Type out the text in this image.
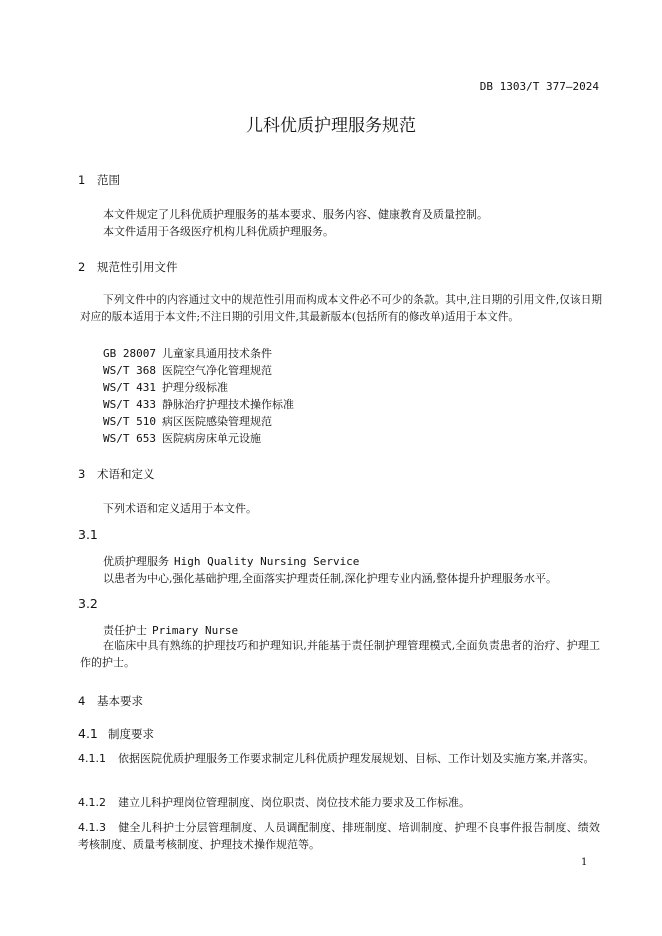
DB 1303/T 377—2024
儿科优质护理服务规范
1 范围
本文件规定了儿科优质护理服务的基本要求、服务内容、健康教育及质量控制。
本文件适用于各级医疗机构儿科优质护理服务。
2 规范性引用文件
下列文件中的内容通过文中的规范性引用而构成本文件必不可少的条款。其中,注日期的引用文件,仅该日期对应的版本适用于本文件;不注日期的引用文件,其最新版本(包括所有的修改单)适用于本文件。
GB 28007 儿童家具通用技术条件
WS/T 368 医院空气净化管理规范
WS/T 431 护理分级标准
WS/T 433 静脉治疗护理技术操作标准
WS/T 510 病区医院感染管理规范
WS/T 653 医院病房床单元设施
3 术语和定义
下列术语和定义适用于本文件。
3.1
优质护理服务 High Quality Nursing Service
以患者为中心,强化基础护理,全面落实护理责任制,深化护理专业内涵,整体提升护理服务水平。
3.2
责任护士 Primary Nurse
在临床中具有熟练的护理技巧和护理知识,并能基于责任制护理管理模式,全面负责患者的治疗、护理工作的护士。
4 基本要求
4.1 制度要求
4.1.1 依据医院优质护理服务工作要求制定儿科优质护理发展规划、目标、工作计划及实施方案,并落实。
4.1.2 建立儿科护理岗位管理制度、岗位职责、岗位技术能力要求及工作标准。
4.1.3 健全儿科护士分层管理制度、人员调配制度、排班制度、培训制度、护理不良事件报告制度、绩效考核制度、质量考核制度、护理技术操作规范等。
1
